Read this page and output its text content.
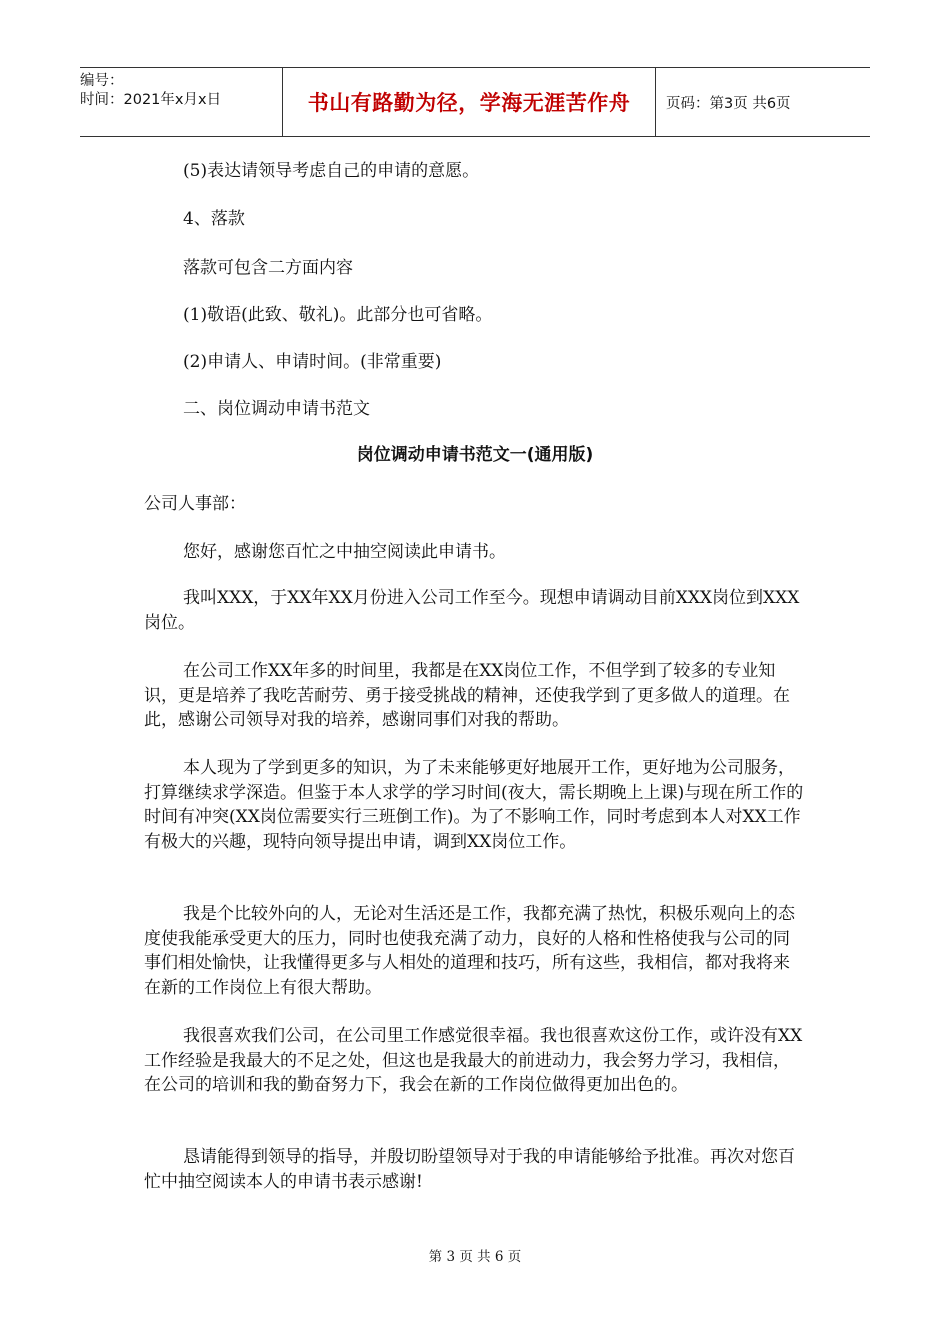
编号：
时间：2021年x月x日	书山有路勤为径，学海无涯苦作舟	页码：第3页 共6页
(5)表达请领导考虑自己的申请的意愿。
4、落款
落款可包含二方面内容
(1)敬语(此致、敬礼)。此部分也可省略。
(2)申请人、申请时间。(非常重要)
二、岗位调动申请书范文
岗位调动申请书范文一(通用版)

公司人事部：

您好，感谢您百忙之中抽空阅读此申请书。

我叫XXX，于XX年XX月份进入公司工作至今。现想申请调动目前XXX岗位到XXX岗位。

在公司工作XX年多的时间里，我都是在XX岗位工作，不但学到了较多的专业知识，更是培养了我吃苦耐劳、勇于接受挑战的精神，还使我学到了更多做人的道理。在此，感谢公司领导对我的培养，感谢同事们对我的帮助。

本人现为了学到更多的知识，为了未来能够更好地展开工作，更好地为公司服务，打算继续求学深造。但鉴于本人求学的学习时间(夜大，需长期晚上上课)与现在所工作的时间有冲突(XX岗位需要实行三班倒工作)。为了不影响工作，同时考虑到本人对XX工作有极大的兴趣，现特向领导提出申请，调到XX岗位工作。

我是个比较外向的人，无论对生活还是工作，我都充满了热忱，积极乐观向上的态度使我能承受更大的压力，同时也使我充满了动力，良好的人格和性格使我与公司的同事们相处愉快，让我懂得更多与人相处的道理和技巧，所有这些，我相信，都对我将来在新的工作岗位上有很大帮助。

我很喜欢我们公司，在公司里工作感觉很幸福。我也很喜欢这份工作，或许没有XX工作经验是我最大的不足之处，但这也是我最大的前进动力，我会努力学习，我相信，在公司的培训和我的勤奋努力下，我会在新的工作岗位做得更加出色的。

恳请能得到领导的指导，并殷切盼望领导对于我的申请能够给予批准。再次对您百忙中抽空阅读本人的申请书表示感谢!

第 3 页 共 6 页
